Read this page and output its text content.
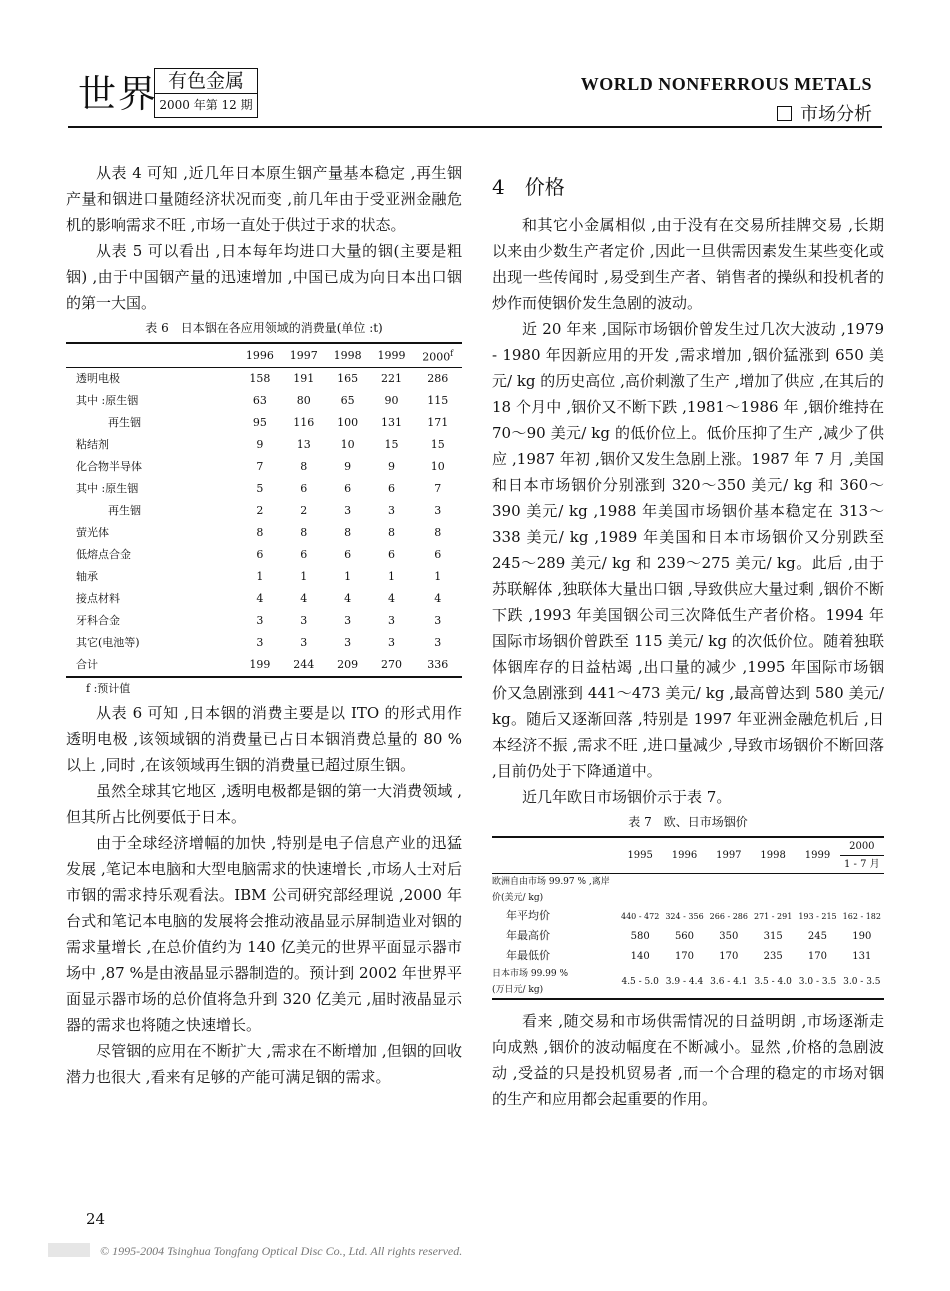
世界 有色金属
2000 年第 12 期
WORLD NONFERROUS METALS
市场分析

从表 4 可知 ,近几年日本原生铟产量基本稳定 ,再生铟产量和铟进口量随经济状况而变 ,前几年由于受亚洲金融危机的影响需求不旺 ,市场一直处于供过于求的状态。

从表 5 可以看出 ,日本每年均进口大量的铟(主要是粗铟) ,由于中国铟产量的迅速增加 ,中国已成为向日本出口铟的第一大国。

表 6　日本铟在各应用领域的消费量(单位 :t)
	1996	1997	1998	1999	2000$^f$
透明电极	158	191	165	221	286
其中 :原生铟	63	80	65	90	115
再生铟	95	116	100	131	171
粘结剂	9	13	10	15	15
化合物半导体	7	8	9	9	10
其中 :原生铟	5	6	6	6	7
再生铟	2	2	3	3	3
萤光体	8	8	8	8	8
低熔点合金	6	6	6	6	6
轴承	1	1	1	1	1
接点材料	4	4	4	4	4
牙科合金	3	3	3	3	3
其它(电池等)	3	3	3	3	3
合计	199	244	209	270	336
f :预计值

从表 6 可知 ,日本铟的消费主要是以 ITO 的形式用作透明电极 ,该领域铟的消费量已占日本铟消费总量的 80 %以上 ,同时 ,在该领域再生铟的消费量已超过原生铟。

虽然全球其它地区 ,透明电极都是铟的第一大消费领域 ,但其所占比例要低于日本。

由于全球经济增幅的加快 ,特别是电子信息产业的迅猛发展 ,笔记本电脑和大型电脑需求的快速增长 ,市场人士对后市铟的需求持乐观看法。IBM 公司研究部经理说 ,2000 年台式和笔记本电脑的发展将会推动液晶显示屏制造业对铟的需求量增长 ,在总价值约为 140 亿美元的世界平面显示器市场中 ,87 %是由液晶显示器制造的。预计到 2002 年世界平面显示器市场的总价值将急升到 320 亿美元 ,届时液晶显示器的需求也将随之快速增长。

尽管铟的应用在不断扩大 ,需求在不断增加 ,但铟的回收潜力也很大 ,看来有足够的产能可满足铟的需求。

4　价格

和其它小金属相似 ,由于没有在交易所挂牌交易 ,长期以来由少数生产者定价 ,因此一旦供需因素发生某些变化或出现一些传闻时 ,易受到生产者、销售者的操纵和投机者的炒作而使铟价发生急剧的波动。

近 20 年来 ,国际市场铟价曾发生过几次大波动 ,1979 - 1980 年因新应用的开发 ,需求增加 ,铟价猛涨到 650 美元/ kg 的历史高位 ,高价刺激了生产 ,增加了供应 ,在其后的 18 个月中 ,铟价又不断下跌 ,1981～1986 年 ,铟价维持在 70～90 美元/ kg 的低价位上。低价压抑了生产 ,减少了供应 ,1987 年初 ,铟价又发生急剧上涨。1987 年 7 月 ,美国和日本市场铟价分别涨到 320～350 美元/ kg 和 360～390 美元/ kg ,1988 年美国市场铟价基本稳定在 313～338 美元/ kg ,1989 年美国和日本市场铟价又分别跌至 245～289 美元/ kg 和 239～275 美元/ kg。此后 ,由于苏联解体 ,独联体大量出口铟 ,导致供应大量过剩 ,铟价不断下跌 ,1993 年美国铟公司三次降低生产者价格。1994 年国际市场铟价曾跌至 115 美元/ kg 的次低价位。随着独联体铟库存的日益枯竭 ,出口量的减少 ,1995 年国际市场铟价又急剧涨到 441～473 美元/ kg ,最高曾达到 580 美元/ kg。随后又逐渐回落 ,特别是 1997 年亚洲金融危机后 ,日本经济不振 ,需求不旺 ,进口量减少 ,导致市场铟价不断回落 ,目前仍处于下降通道中。

近几年欧日市场铟价示于表 7。

表 7　欧、日市场铟价
	1995	1996	1997	1998	1999	2000
1 - 7 月

欧洲自由市场 99.97 % ,离岸
价(美元/ kg)						

年平均价	440 - 472	324 - 356	266 - 286	271 - 291	193 - 215	162 - 182
年最高价	580	560	350	315	245	190
年最低价	140	170	170	235	170	131

日本市场 99.99 %
(万日元/ kg)	4.5 - 5.0	3.9 - 4.4	3.6 - 4.1	3.5 - 4.0	3.0 - 3.5	3.0 - 3.5

看来 ,随交易和市场供需情况的日益明朗 ,市场逐渐走向成熟 ,铟价的波动幅度在不断减小。显然 ,价格的急剧波动 ,受益的只是投机贸易者 ,而一个合理的稳定的市场对铟的生产和应用都会起重要的作用。

24
© 1995-2004 Tsinghua Tongfang Optical Disc Co., Ltd. All rights reserved.
